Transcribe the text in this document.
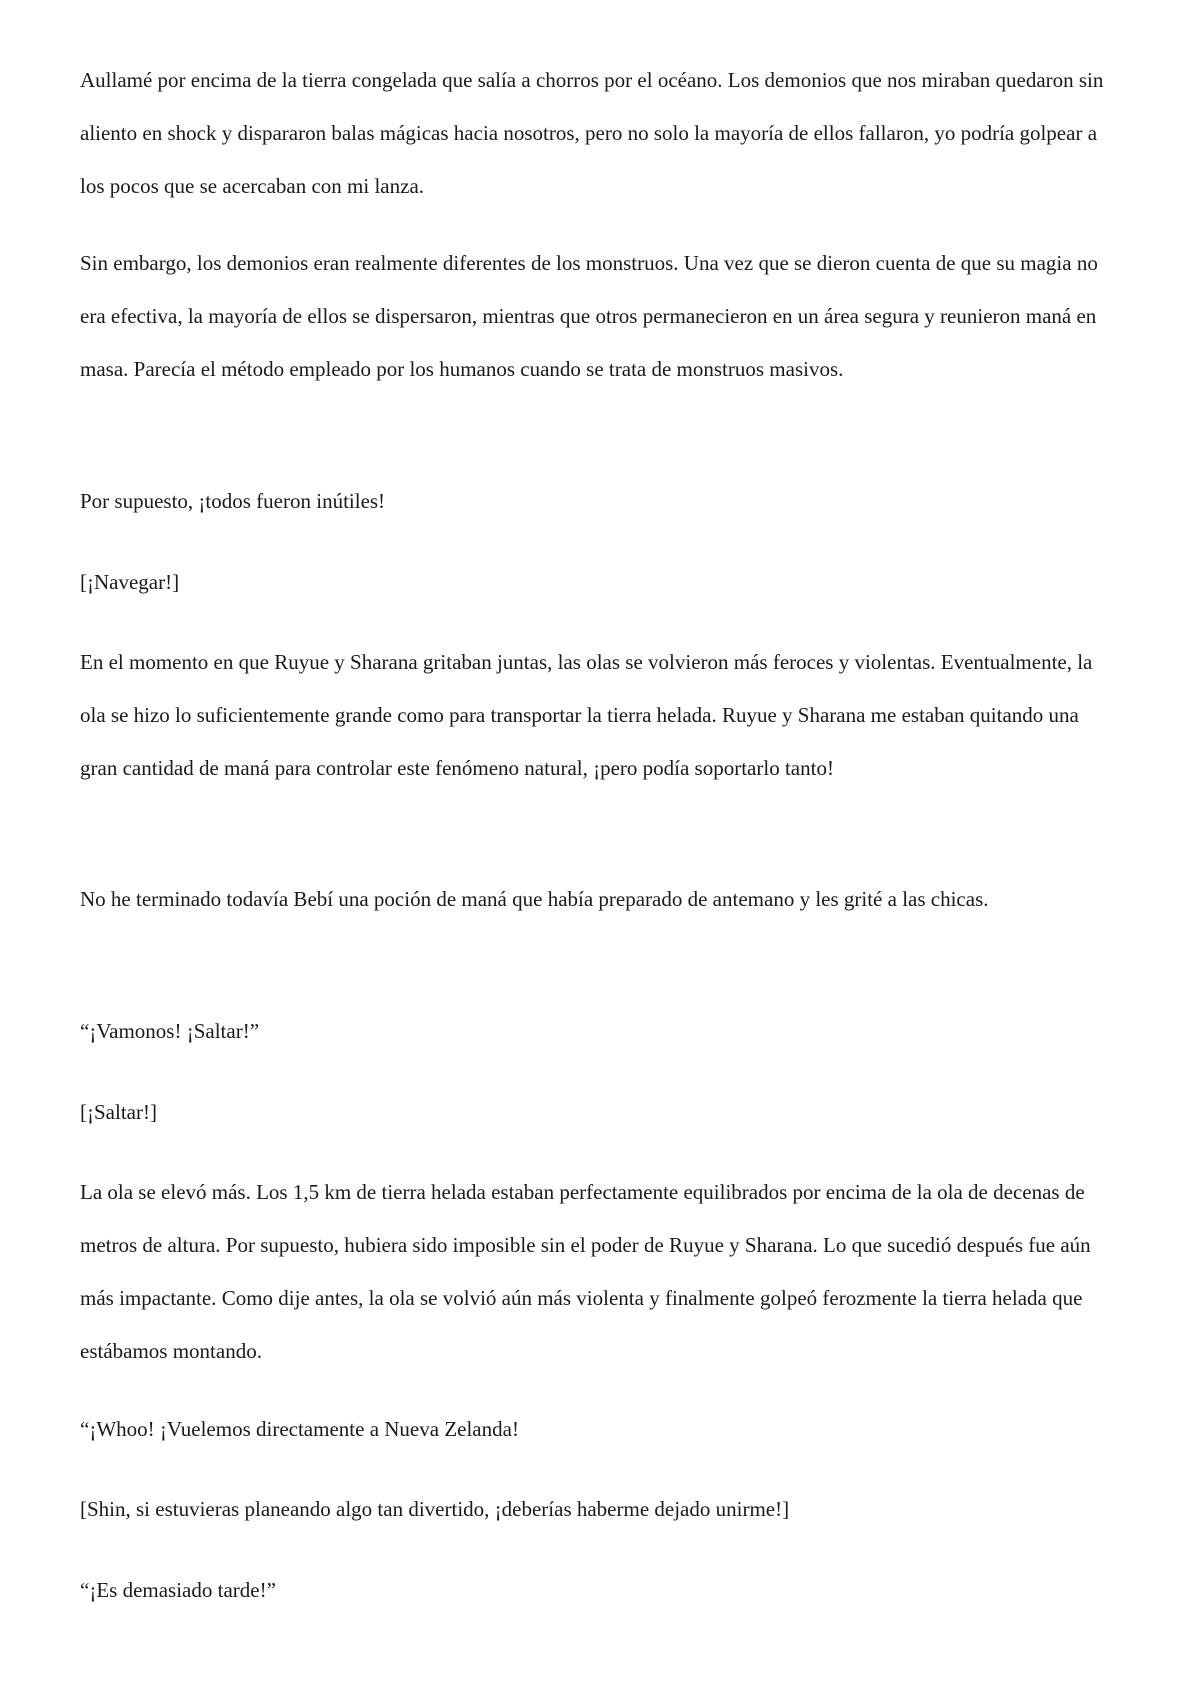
Aullamé por encima de la tierra congelada que salía a chorros por el océano. Los demonios que nos miraban quedaron sin aliento en shock y dispararon balas mágicas hacia nosotros, pero no solo la mayoría de ellos fallaron, yo podría golpear a los pocos que se acercaban con mi lanza.

Sin embargo, los demonios eran realmente diferentes de los monstruos. Una vez que se dieron cuenta de que su magia no era efectiva, la mayoría de ellos se dispersaron, mientras que otros permanecieron en un área segura y reunieron maná en masa. Parecía el método empleado por los humanos cuando se trata de monstruos masivos.

Por supuesto, ¡todos fueron inútiles!

[¡Navegar!]

En el momento en que Ruyue y Sharana gritaban juntas, las olas se volvieron más feroces y violentas. Eventualmente, la ola se hizo lo suficientemente grande como para transportar la tierra helada. Ruyue y Sharana me estaban quitando una gran cantidad de maná para controlar este fenómeno natural, ¡pero podía soportarlo tanto!

No he terminado todavía Bebí una poción de maná que había preparado de antemano y les grité a las chicas.

“¡Vamonos! ¡Saltar!”

[¡Saltar!]

La ola se elevó más. Los 1,5 km de tierra helada estaban perfectamente equilibrados por encima de la ola de decenas de metros de altura. Por supuesto, hubiera sido imposible sin el poder de Ruyue y Sharana. Lo que sucedió después fue aún más impactante. Como dije antes, la ola se volvió aún más violenta y finalmente golpeó ferozmente la tierra helada que estábamos montando.

“¡Whoo! ¡Vuelemos directamente a Nueva Zelanda!

[Shin, si estuvieras planeando algo tan divertido, ¡deberías haberme dejado unirme!]

“¡Es demasiado tarde!”
